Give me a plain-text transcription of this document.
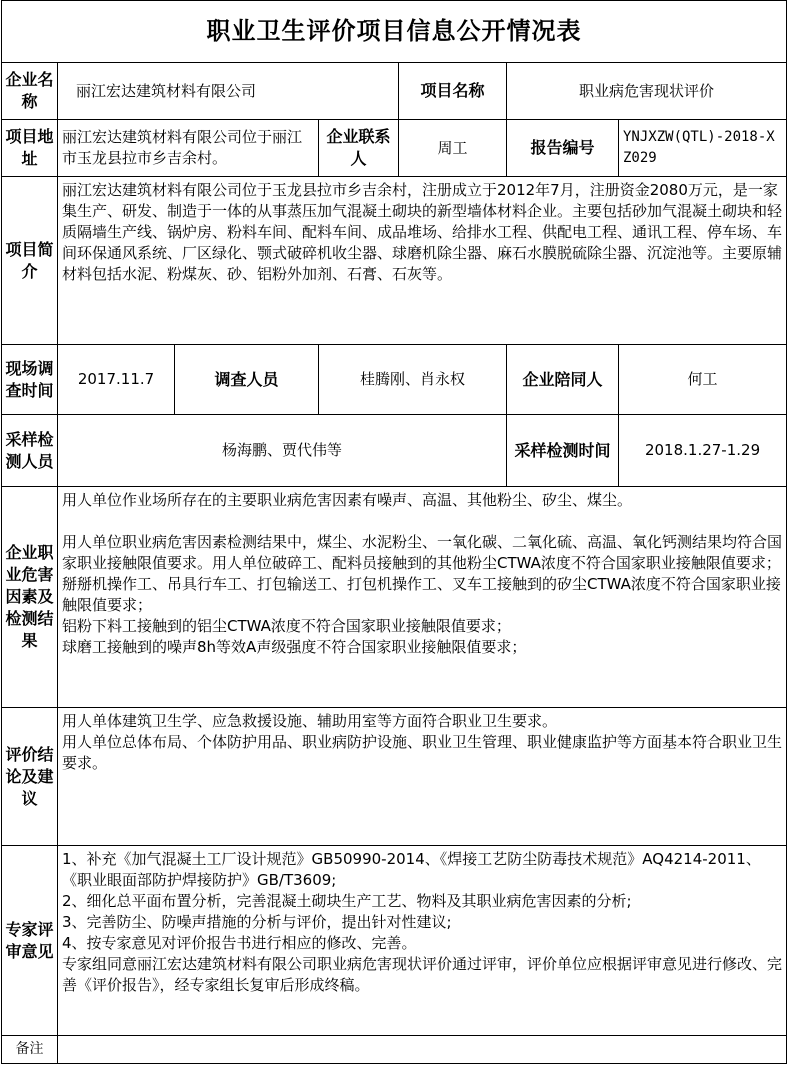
职业卫生评价项目信息公开情况表						
企业名称	丽江宏达建筑材料有限公司			项目名称	职业病危害现状评价	
项目地址	丽江宏达建筑材料有限公司位于丽江市玉龙县拉市乡吉余村。		企业联系人	周工	报告编号	YNJXZW(QTL)-2018-XZ029
项目简介	丽江宏达建筑材料有限公司位于玉龙县拉市乡吉余村，注册成立于2012年7月，注册资金2080万元，是一家集生产、研发、制造于一体的从事蒸压加气混凝土砌块的新型墙体材料企业。主要包括砂加气混凝土砌块和轻质隔墙生产线、锅炉房、粉料车间、配料车间、成品堆场、给排水工程、供配电工程、通讯工程、停车场、车间环保通风系统、厂区绿化、颚式破碎机收尘器、球磨机除尘器、麻石水膜脱硫除尘器、沉淀池等。主要原辅材料包括水泥、粉煤灰、砂、铝粉外加剂、石膏、石灰等。					
现场调查时间	2017.11.7	调查人员	桂腾刚、肖永权		企业陪同人	何工
采样检测人员	杨海鹏、贾代伟等				采样检测时间	2018.1.27-1.29
企业职业危害因素及检测结果	用人单位作业场所存在的主要职业病危害因素有噪声、高温、其他粉尘、矽尘、煤尘。
用人单位职业病危害因素检测结果中，煤尘、水泥粉尘、一氧化碳、二氧化硫、高温、氧化钙测结果均符合国家职业接触限值要求。用人单位破碎工、配料员接触到的其他粉尘CTWA浓度不符合国家职业接触限值要求；
掰掰机操作工、吊具行车工、打包输送工、打包机操作工、叉车工接触到的矽尘CTWA浓度不符合国家职业接触限值要求；
铝粉下料工接触到的铝尘CTWA浓度不符合国家职业接触限值要求；
球磨工接触到的噪声8h等效A声级强度不符合国家职业接触限值要求；					

评价结论及建议	用人单体建筑卫生学、应急救援设施、辅助用室等方面符合职业卫生要求。
用人单位总体布局、个体防护用品、职业病防护设施、职业卫生管理、职业健康监护等方面基本符合职业卫生要求。					

专家评审意见	1、补充《加气混凝土工厂设计规范》GB50990-2014、《焊接工艺防尘防毒技术规范》AQ4214-2011、《职业眼面部防护焊接防护》GB/T3609;
2、细化总平面布置分析，完善混凝土砌块生产工艺、物料及其职业病危害因素的分析;
3、完善防尘、防噪声措施的分析与评价，提出针对性建议;
4、按专家意见对评价报告书进行相应的修改、完善。
专家组同意丽江宏达建筑材料有限公司职业病危害现状评价通过评审，评价单位应根据评审意见进行修改、完善《评价报告》，经专家组长复审后形成终稿。					

备注						
